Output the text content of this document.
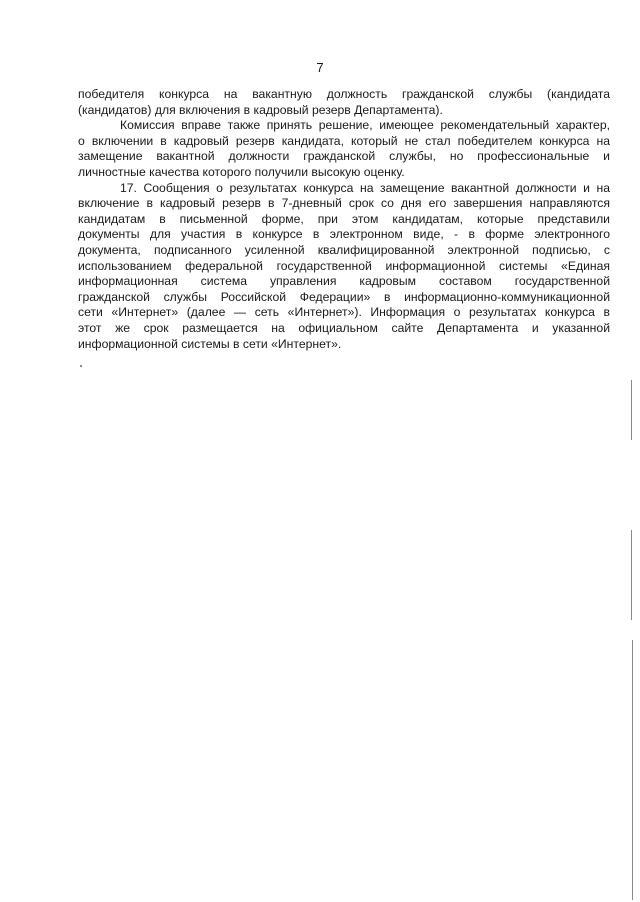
7
победителя конкурса на вакантную должность гражданской службы (кандидата
(кандидатов) для включения в кадровый резерв Департамента).
Комиссия вправе также принять решение, имеющее рекомендательный характер,
о включении в кадровый резерв кандидата, который не стал победителем конкурса на
замещение вакантной должности гражданской службы, но профессиональные и
личностные качества которого получили высокую оценку.
17. Сообщения о результатах конкурса на замещение вакантной должности и на
включение в кадровый резерв в 7-дневный срок со дня его завершения направляются
кандидатам в письменной форме, при этом кандидатам, которые представили
документы для участия в конкурсе в электронном виде, - в форме электронного
документа, подписанного усиленной квалифицированной электронной подписью, с
использованием федеральной государственной информационной системы «Единая
информационная система управления кадровым составом государственной
гражданской службы Российской Федерации» в информационно-коммуникационной
сети «Интернет» (далее — сеть «Интернет»). Информация о результатах конкурса в
этот же срок размещается на официальном сайте Департамента и указанной
информационной системы в сети «Интернет».
